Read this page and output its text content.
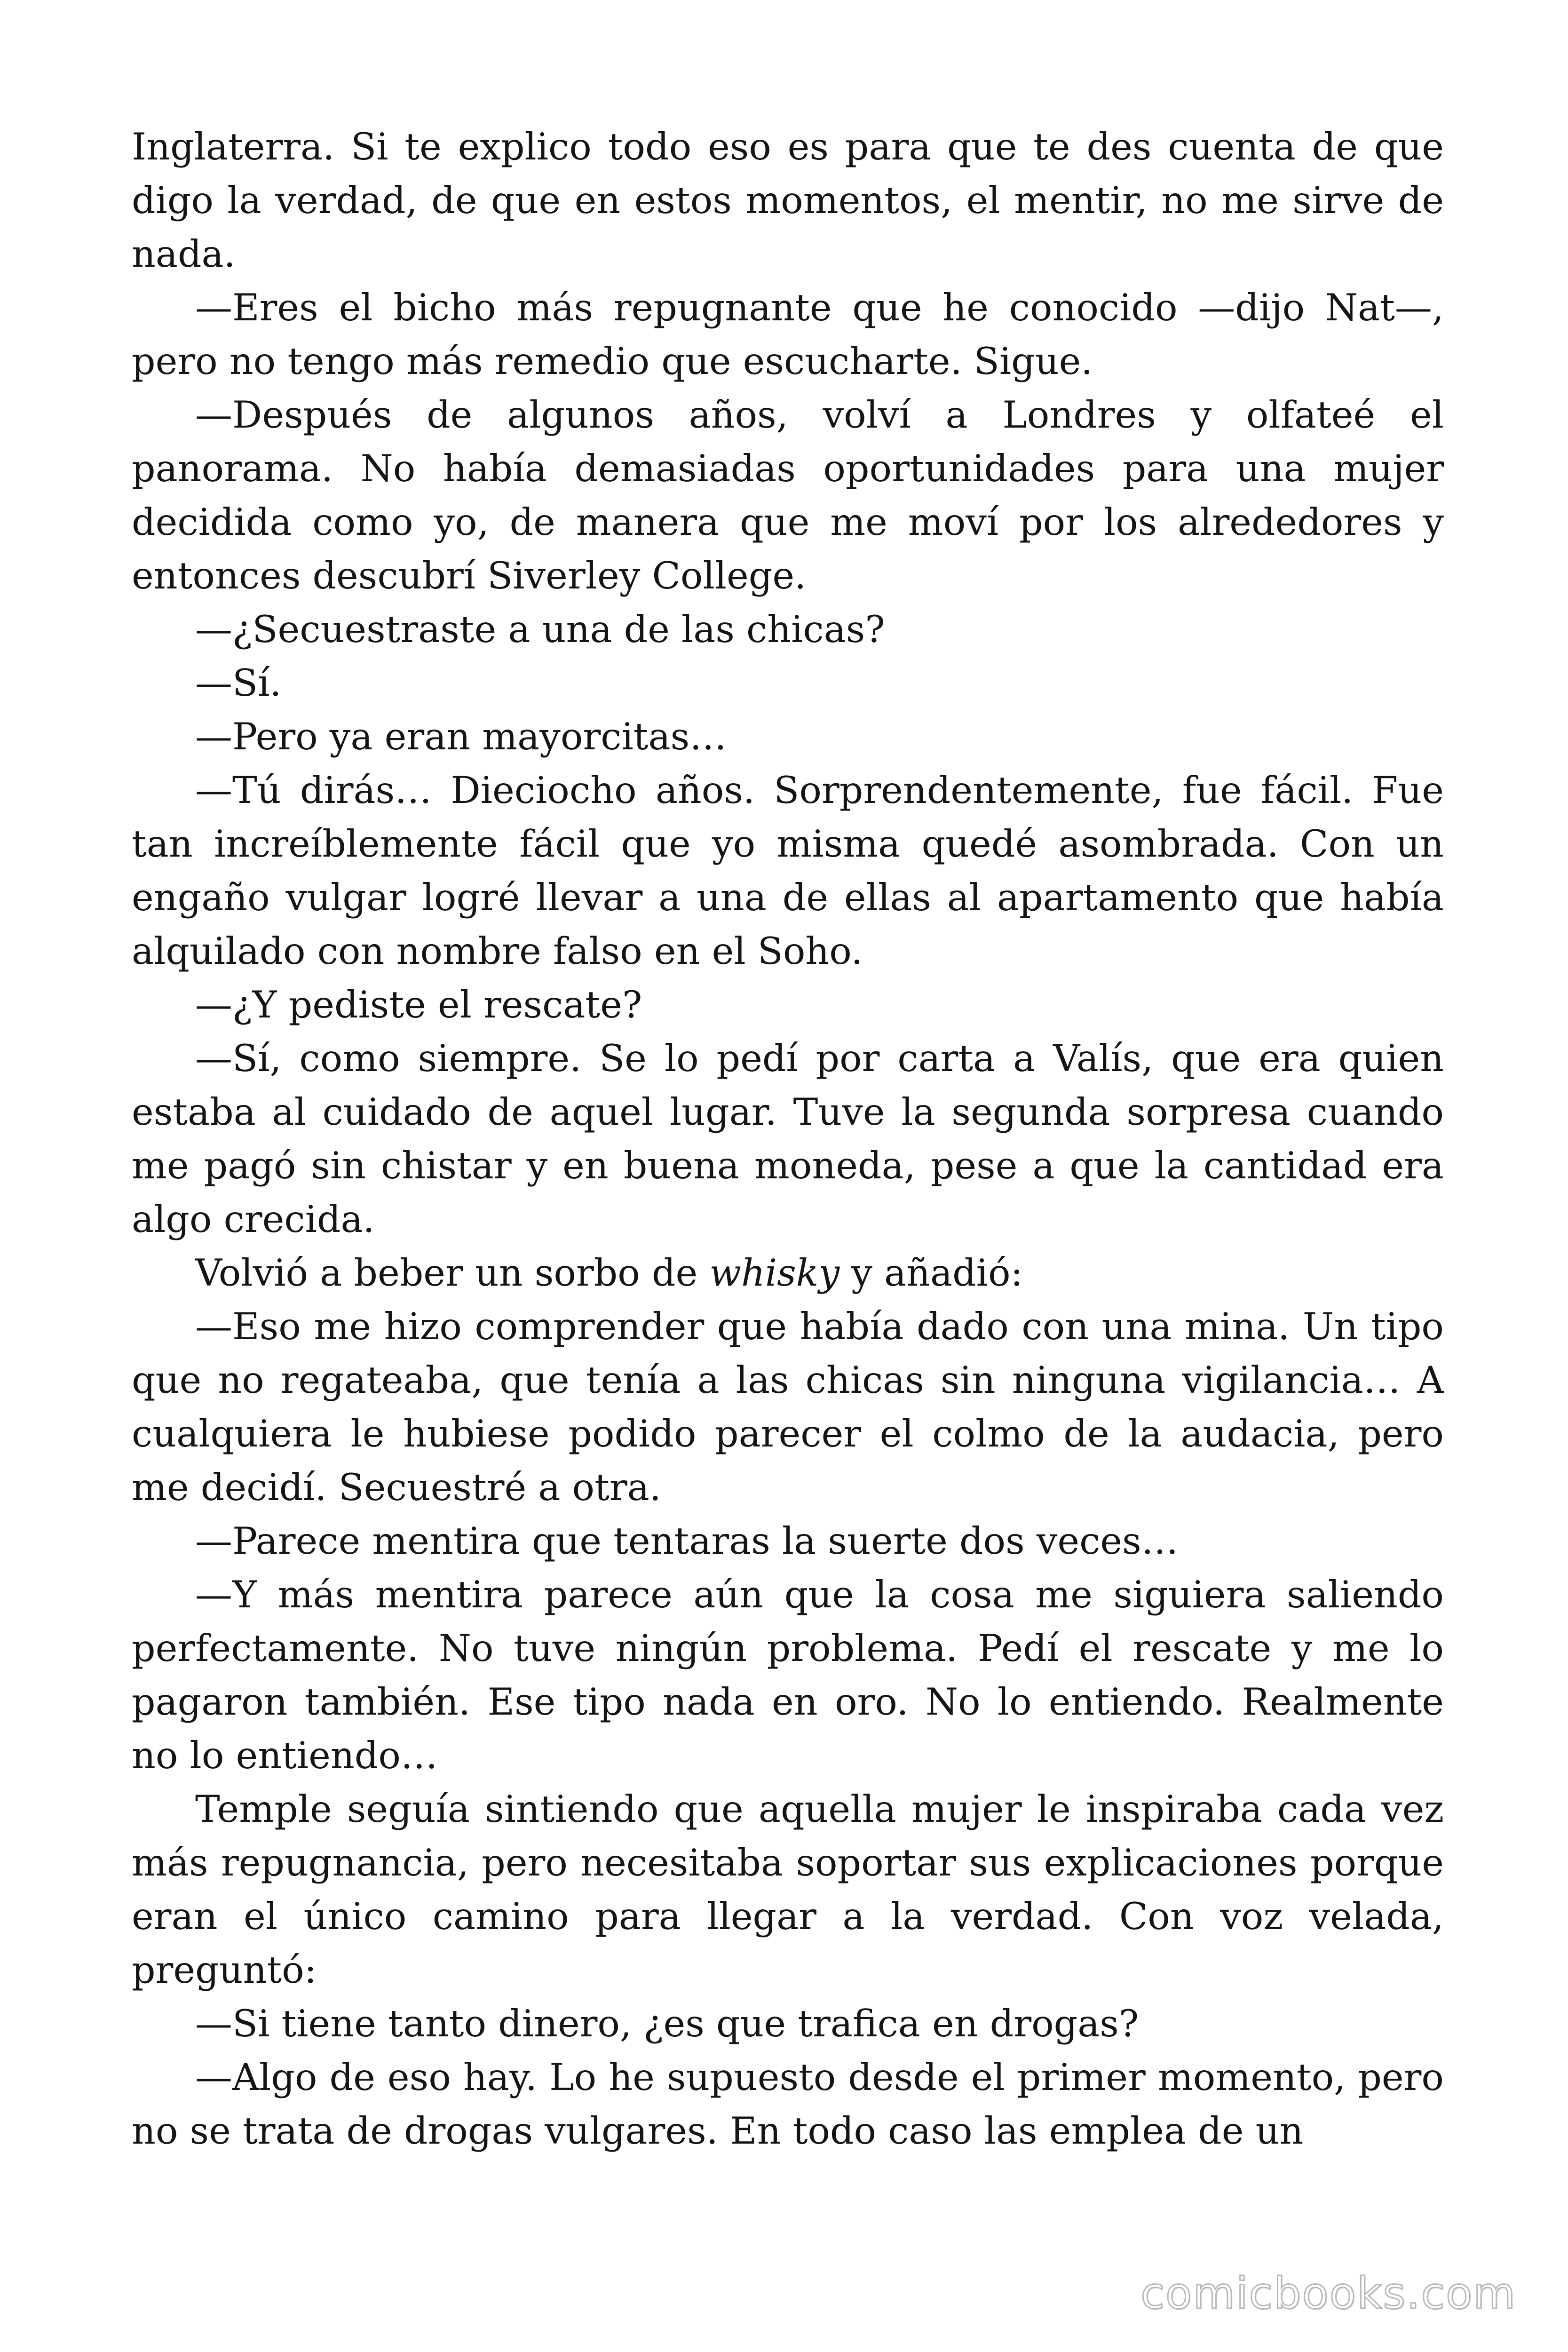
Inglaterra. Si te explico todo eso es para que te des cuenta de que digo la verdad, de que en estos momentos, el mentir, no me sirve de nada.

—Eres el bicho más repugnante que he conocido —dijo Nat—, pero no tengo más remedio que escucharte. Sigue.

—Después de algunos años, volví a Londres y olfateé el panorama. No había demasiadas oportunidades para una mujer decidida como yo, de manera que me moví por los alrededores y entonces descubrí Siverley College.

—¿Secuestraste a una de las chicas?

—Sí.

—Pero ya eran mayorcitas…

—Tú dirás… Dieciocho años. Sorprendentemente, fue fácil. Fue tan increíblemente fácil que yo misma quedé asombrada. Con un engaño vulgar logré llevar a una de ellas al apartamento que había alquilado con nombre falso en el Soho.

—¿Y pediste el rescate?

—Sí, como siempre. Se lo pedí por carta a Valís, que era quien estaba al cuidado de aquel lugar. Tuve la segunda sorpresa cuando me pagó sin chistar y en buena moneda, pese a que la cantidad era algo crecida.

Volvió a beber un sorbo de whisky y añadió:

—Eso me hizo comprender que había dado con una mina. Un tipo que no regateaba, que tenía a las chicas sin ninguna vigilancia… A cualquiera le hubiese podido parecer el colmo de la audacia, pero me decidí. Secuestré a otra.

—Parece mentira que tentaras la suerte dos veces…

—Y más mentira parece aún que la cosa me siguiera saliendo perfectamente. No tuve ningún problema. Pedí el rescate y me lo pagaron también. Ese tipo nada en oro. No lo entiendo. Realmente no lo entiendo…

Temple seguía sintiendo que aquella mujer le inspiraba cada vez más repugnancia, pero necesitaba soportar sus explicaciones porque eran el único camino para llegar a la verdad. Con voz velada, preguntó:

—Si tiene tanto dinero, ¿es que trafica en drogas?

—Algo de eso hay. Lo he supuesto desde el primer momento, pero no se trata de drogas vulgares. En todo caso las emplea de un

comicbooks.com
